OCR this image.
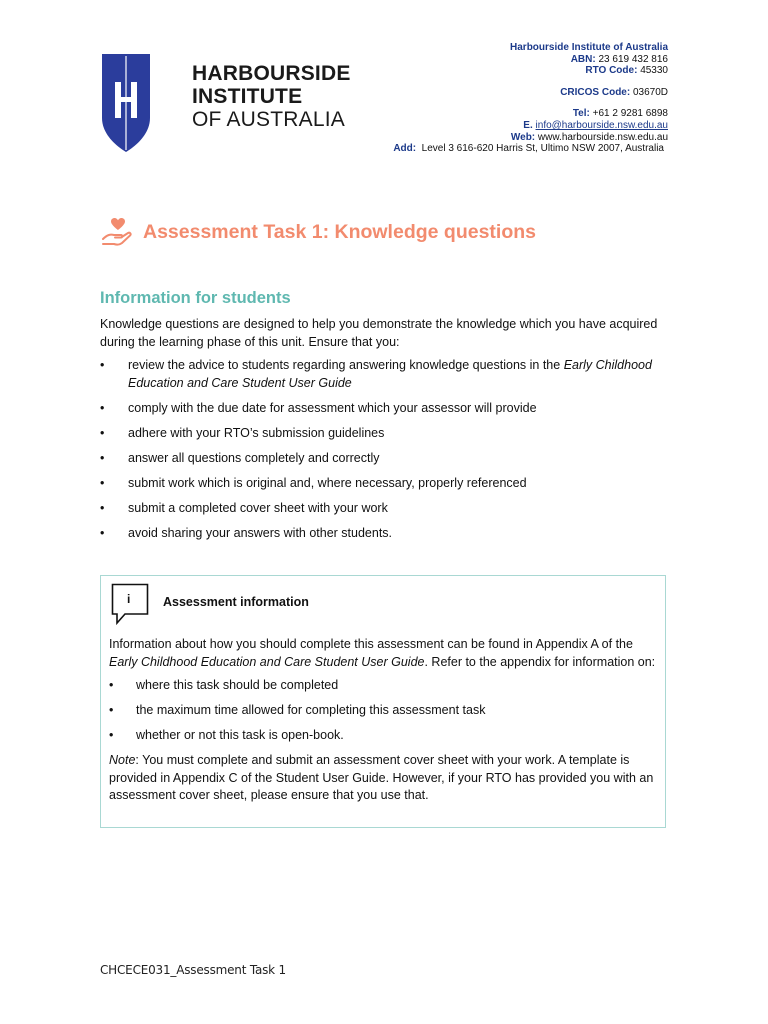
HARBOURSIDE
INSTITUTE
OF AUSTRALIA
Harbourside Institute of Australia
ABN: 23 619 432 816
RTO Code: 45330
CRICOS Code: 03670D
Tel: +61 2 9281 6898
E. info@harbourside.nsw.edu.au
Web: www.harbourside.nsw.edu.au
Add: Level 3 616-620 Harris St, Ultimo NSW 2007, Australia
Assessment Task 1: Knowledge questions
Information for students

Knowledge questions are designed to help you demonstrate the knowledge which you have acquired during the learning phase of this unit. Ensure that you:

• review the advice to students regarding answering knowledge questions in the Early Childhood Education and Care Student User Guide
• comply with the due date for assessment which your assessor will provide
• adhere with your RTO’s submission guidelines
• answer all questions completely and correctly
• submit work which is original and, where necessary, properly referenced
• submit a completed cover sheet with your work
• avoid sharing your answers with other students.
i	Assessment information

Information about how you should complete this assessment can be found in Appendix A of the Early Childhood Education and Care Student User Guide. Refer to the appendix for information on:

• where this task should be completed
• the maximum time allowed for completing this assessment task
• whether or not this task is open-book.

Note: You must complete and submit an assessment cover sheet with your work. A template is provided in Appendix C of the Student User Guide. However, if your RTO has provided you with an assessment cover sheet, please ensure that you use that.

CHCECE031_Assessment Task 1
